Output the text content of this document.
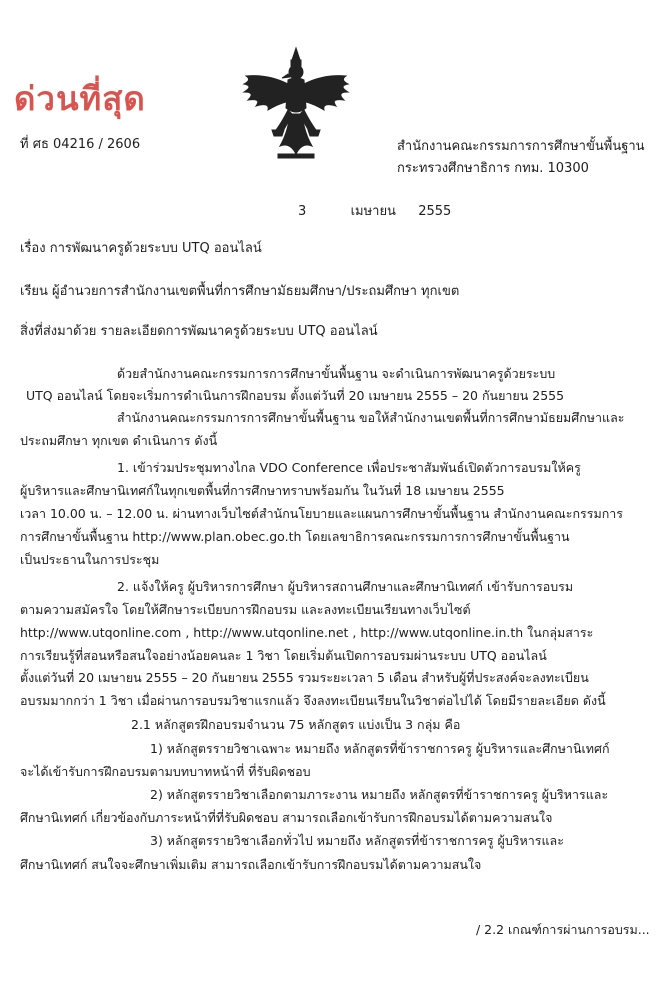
ด่วนที่สุด
ที่ ศธ 04216 / 2606	สำนักงานคณะกรรมการการศึกษาขั้นพื้นฐาน
กระทรวงศึกษาธิการ กทม. 10300
3	เมษายน 2555
เรื่อง การพัฒนาครูด้วยระบบ UTQ ออนไลน์
เรียน ผู้อำนวยการสำนักงานเขตพื้นที่การศึกษามัธยมศึกษา/ประถมศึกษา ทุกเขต
สิ่งที่ส่งมาด้วย รายละเอียดการพัฒนาครูด้วยระบบ UTQ ออนไลน์
ด้วยสำนักงานคณะกรรมการการศึกษาขั้นพื้นฐาน จะดำเนินการพัฒนาครูด้วยระบบ
UTQ ออนไลน์ โดยจะเริ่มการดำเนินการฝึกอบรม ตั้งแต่วันที่ 20 เมษายน 2555 – 20 กันยายน 2555
สำนักงานคณะกรรมการการศึกษาขั้นพื้นฐาน ขอให้สำนักงานเขตพื้นที่การศึกษามัธยมศึกษาและ
ประถมศึกษา ทุกเขต ดำเนินการ ดังนี้
1. เข้าร่วมประชุมทางไกล VDO Conference เพื่อประชาสัมพันธ์เปิดตัวการอบรมให้ครู
ผู้บริหารและศึกษานิเทศก์ในทุกเขตพื้นที่การศึกษาทราบพร้อมกัน ในวันที่ 18 เมษายน 2555
เวลา 10.00 น. – 12.00 น. ผ่านทางเว็บไซต์สำนักนโยบายและแผนการศึกษาขั้นพื้นฐาน สำนักงานคณะกรรมการ
การศึกษาขั้นพื้นฐาน http://www.plan.obec.go.th โดยเลขาธิการคณะกรรมการการศึกษาขั้นพื้นฐาน
เป็นประธานในการประชุม
2. แจ้งให้ครู ผู้บริหารการศึกษา ผู้บริหารสถานศึกษาและศึกษานิเทศก์ เข้ารับการอบรม
ตามความสมัครใจ โดยให้ศึกษาระเบียบการฝึกอบรม และลงทะเบียนเรียนทางเว็บไซต์
http://www.utqonline.com , http://www.utqonline.net , http://www.utqonline.in.th ในกลุ่มสาระ
การเรียนรู้ที่สอนหรือสนใจอย่างน้อยคนละ 1 วิชา โดยเริ่มต้นเปิดการอบรมผ่านระบบ UTQ ออนไลน์
ตั้งแต่วันที่ 20 เมษายน 2555 – 20 กันยายน 2555 รวมระยะเวลา 5 เดือน สำหรับผู้ที่ประสงค์จะลงทะเบียน
อบรมมากกว่า 1 วิชา เมื่อผ่านการอบรมวิชาแรกแล้ว จึงลงทะเบียนเรียนในวิชาต่อไปได้ โดยมีรายละเอียด ดังนี้
2.1 หลักสูตรฝึกอบรมจำนวน 75 หลักสูตร แบ่งเป็น 3 กลุ่ม คือ
1) หลักสูตรรายวิชาเฉพาะ หมายถึง หลักสูตรที่ข้าราชการครู ผู้บริหารและศึกษานิเทศก์
จะได้เข้ารับการฝึกอบรมตามบทบาทหน้าที่ ที่รับผิดชอบ
2) หลักสูตรรายวิชาเลือกตามภาระงาน หมายถึง หลักสูตรที่ข้าราชการครู ผู้บริหารและ
ศึกษานิเทศก์ เกี่ยวข้องกับภาระหน้าที่ที่รับผิดชอบ สามารถเลือกเข้ารับการฝึกอบรมได้ตามความสนใจ
3) หลักสูตรรายวิชาเลือกทั่วไป หมายถึง หลักสูตรที่ข้าราชการครู ผู้บริหารและ
ศึกษานิเทศก์ สนใจจะศึกษาเพิ่มเติม สามารถเลือกเข้ารับการฝึกอบรมได้ตามความสนใจ
/ 2.2 เกณฑ์การผ่านการอบรม...
